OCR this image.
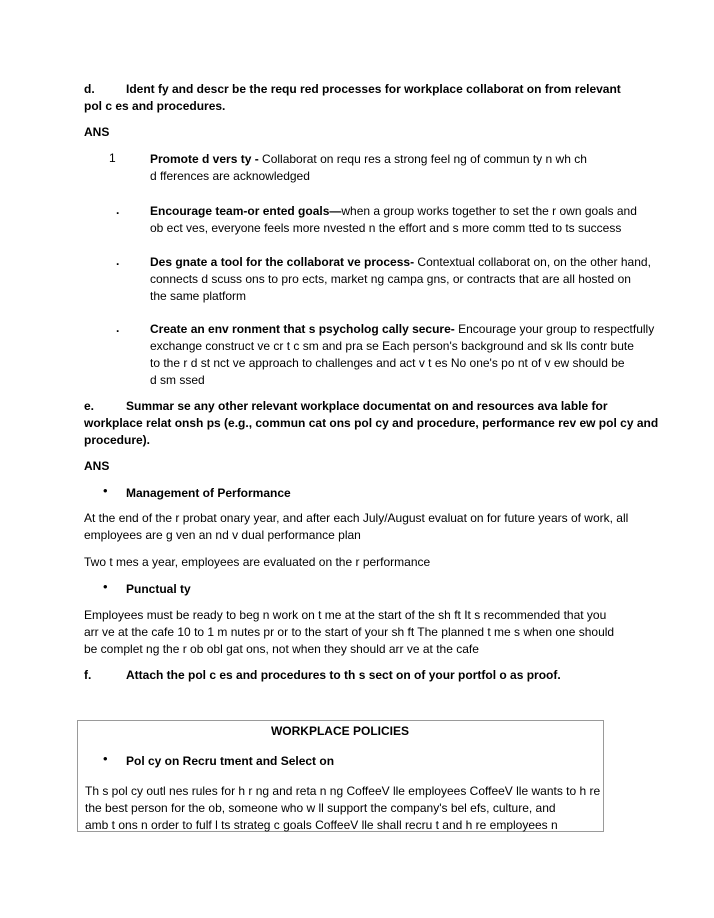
d.	Ident fy and descr be the requ red processes for workplace collaborat on from relevant
pol c es and procedures.
ANS
1	Promote d vers ty - Collaborat on requ res a strong feel ng of commun ty n wh ch
d fferences are acknowledged
.	Encourage team-or ented goals—when a group works together to set the r own goals and
ob ect ves, everyone feels more nvested n the effort and s more comm tted to ts success
.	Des gnate a tool for the collaborat ve process- Contextual collaborat on, on the other hand,
connects d scuss ons to pro ects, market ng campa gns, or contracts that are all hosted on
the same platform
.	Create an env ronment that s psycholog cally secure- Encourage your group to respectfully
exchange construct ve cr t c sm and pra se Each person's background and sk lls contr bute
to the r d st nct ve approach to challenges and act v t es No one's po nt of v ew should be
d sm ssed
e.	Summar se any other relevant workplace documentat on and resources ava lable for
workplace relat onsh ps (e.g., commun cat ons pol cy and procedure, performance rev ew pol cy and
procedure).
ANS
• Management of Performance
At the end of the r probat onary year, and after each July/August evaluat on for future years of work, all
employees are g ven an nd v dual performance plan
Two t mes a year, employees are evaluated on the r performance
• Punctual ty
Employees must be ready to beg n work on t me at the start of the sh ft It s recommended that you
arr ve at the cafe 10 to 1 m nutes pr or to the start of your sh ft The planned t me s when one should
be complet ng the r ob obl gat ons, not when they should arr ve at the cafe
f.	Attach the pol c es and procedures to th s sect on of your portfol o as proof.
WORKPLACE POLICIES
• Pol cy on Recru tment and Select on
Th s pol cy outl nes rules for h r ng and reta n ng CoffeeV lle employees CoffeeV lle wants to h re
the best person for the ob, someone who w ll support the company's bel efs, culture, and
amb t ons n order to fulf l ts strateg c goals CoffeeV lle shall recru t and h re employees n
